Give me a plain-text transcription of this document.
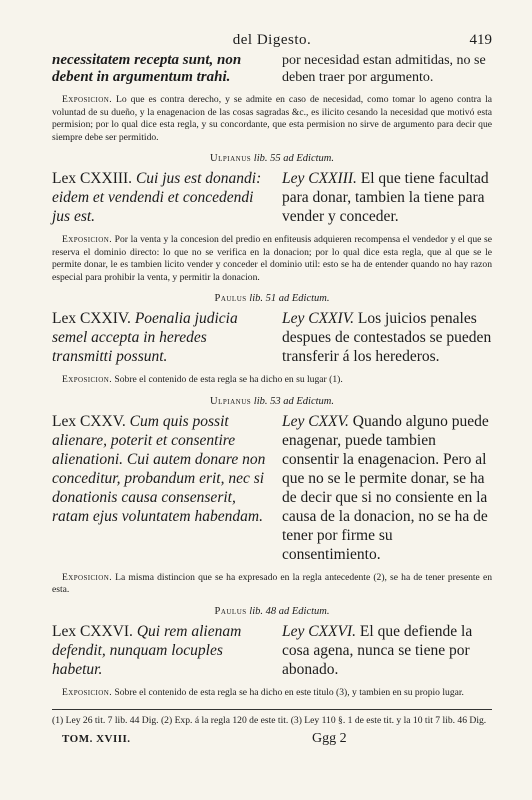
del Digesto.	419
necessitatem recepta sunt, non debent in argumentum trahi.
por necesidad estan admitidas, no se deben traer por argumento.
Exposicion. Lo que es contra derecho, y se admite en caso de necesidad, como tomar lo ageno contra la voluntad de su dueño, y la enagenacion de las cosas sagradas &c., es ilicito cesando la necesidad que motivó esta permision; por lo qual dice esta regla, y su concordante, que esta permision no sirve de argumento para decir que siempre debe ser permitido.
Ulpianus lib. 55 ad Edictum.
Lex CXXIII. Cui jus est donandi: eidem et vendendi et concedendi jus est.
Ley CXXIII. El que tiene facultad para donar, tambien la tiene para vender y conceder.
Exposicion. Por la venta y la concesion del predio en enfiteusis adquieren recompensa el vendedor y el que se reserva el dominio directo: lo que no se verifica en la donacion; por lo qual dice esta regla, que al que se le permite donar, le es tambien licito vender y conceder el dominio util: esto se ha de entender quando no hay razon especial para prohibir la venta, y permitir la donacion.
Paulus lib. 51 ad Edictum.
Lex CXXIV. Poenalia judicia semel accepta in heredes transmitti possunt.
Ley CXXIV. Los juicios penales despues de contestados se pueden transferir á los herederos.
Exposicion. Sobre el contenido de esta regla se ha dicho en su lugar (1).
Ulpianus lib. 53 ad Edictum.
Lex CXXV. Cum quis possit alienare, poterit et consentire alienationi. Cui autem donare non conceditur, probandum erit, nec si donationis causa consenserit, ratam ejus voluntatem habendam.
Ley CXXV. Quando alguno puede enagenar, puede tambien consentir la enagenacion. Pero al que no se le permite donar, se ha de decir que si no consiente en la causa de la donacion, no se ha de tener por firme su consentimiento.
Exposicion. La misma distincion que se ha expresado en la regla antecedente (2), se ha de tener presente en esta.
Paulus lib. 48 ad Edictum.
Lex CXXVI. Qui rem alienam defendit, nunquam locuples habetur.
Ley CXXVI. El que defiende la cosa agena, nunca se tiene por abonado.
Exposicion. Sobre el contenido de esta regla se ha dicho en este titulo (3), y tambien en su propio lugar.
(1) Ley 26 tit. 7 lib. 44 Dig. (2) Exp. á la regla 120 de este tit. (3) Ley 110 §. 1 de este tit. y la 10 tit 7 lib. 46 Dig.
TOM. XVIII.	Ggg 2
